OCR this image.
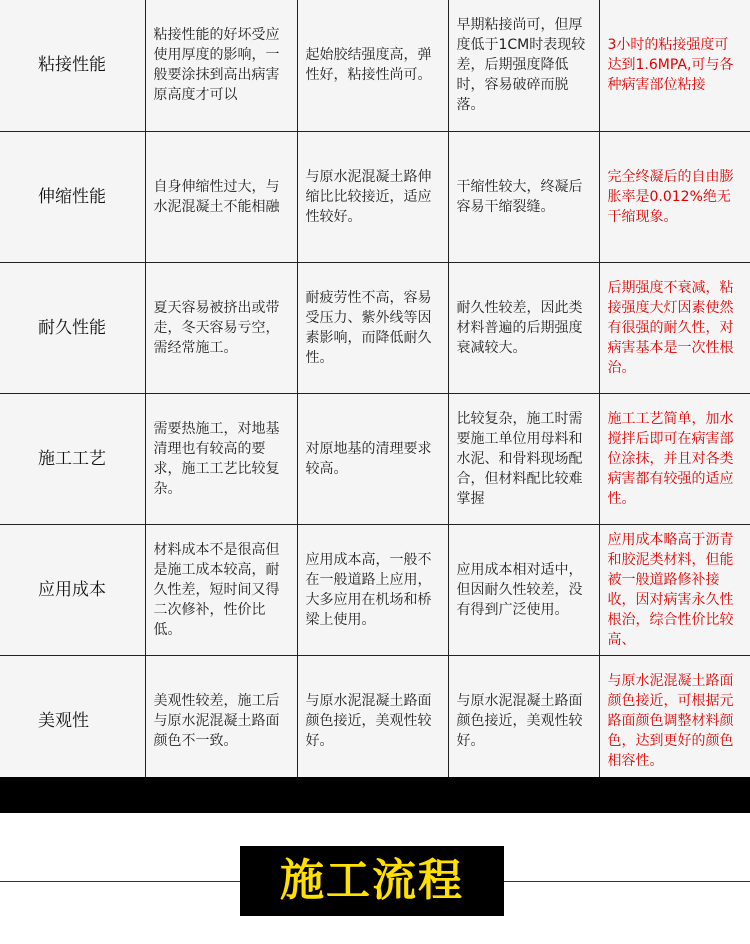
粘接性能	粘接性能的好坏受应使用厚度的影响，一般要涂抹到高出病害原高度才可以	起始胶结强度高，弹性好，粘接性尚可。	早期粘接尚可，但厚度低于1CM时表现较差，后期强度降低时，容易破碎而脱落。	3小时的粘接强度可达到1.6MPA,可与各种病害部位粘接
伸缩性能	自身伸缩性过大，与水泥混凝土不能相融	与原水泥混凝土路伸缩比比较接近，适应性较好。	干缩性较大，终凝后容易干缩裂缝。	完全终凝后的自由膨胀率是0.012%绝无干缩现象。
耐久性能	夏天容易被挤出或带走，冬天容易亏空，需经常施工。	耐疲劳性不高，容易受压力、紫外线等因素影响，而降低耐久性。	耐久性较差，因此类材料普遍的后期强度衰减较大。	后期强度不衰减，粘接强度大灯因素使然有很强的耐久性，对病害基本是一次性根治。
施工工艺	需要热施工，对地基清理也有较高的要求，施工工艺比较复杂。	对原地基的清理要求较高。	比较复杂，施工时需要施工单位用母料和水泥、和骨料现场配合，但材料配比较难掌握	施工工艺简单，加水搅拌后即可在病害部位涂抹，并且对各类病害都有较强的适应性。
应用成本	材料成本不是很高但是施工成本较高，耐久性差，短时间又得二次修补，性价比低。	应用成本高，一般不在一般道路上应用，大多应用在机场和桥梁上使用。	应用成本相对适中，但因耐久性较差，没有得到广泛使用。	应用成本略高于沥青和胶泥类材料，但能被一般道路修补接收，因对病害永久性根治，综合性价比较高、
美观性	美观性较差，施工后与原水泥混凝土路面颜色不一致。	与原水泥混凝土路面颜色接近，美观性较好。	与原水泥混凝土路面颜色接近，美观性较好。	与原水泥混凝土路面颜色接近，可根据元路面颜色调整材料颜色，达到更好的颜色相容性。
施工流程
